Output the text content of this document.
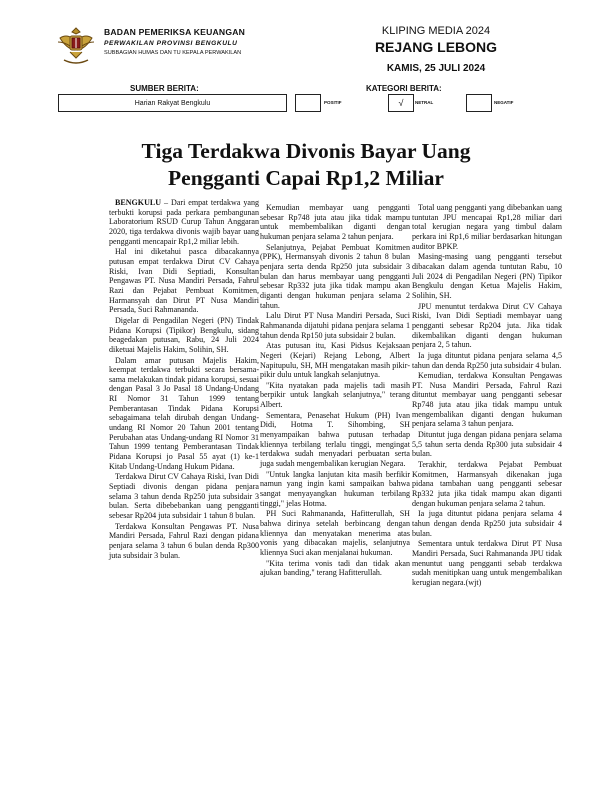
BADAN PEMERIKSA KEUANGAN
PERWAKILAN PROVINSI BENGKULU
SUBBAGIAN HUMAS DAN TU KEPALA PERWAKILAN
KLIPING MEDIA 2024
REJANG LEBONG
KAMIS, 25 JULI 2024
SUMBER BERITA:	KATEGORI BERITA:
Harian Rakyat Bengkulu	POSITIF	√	NETRAL	NEGATIF
Tiga Terdakwa Divonis Bayar Uang
Pengganti Capai Rp1,2 Miliar

BENGKULU – Dari empat terdakwa yang terbukti korupsi pada perkara pembangunan Laboratorium RSUD Curup Tahun Anggaran 2020, tiga terdakwa divonis wajib bayar uang pengganti mencapair Rp1,2 miliar lebih.

Hal ini diketahui pasca dibacakannya putusan empat terdakwa Dirut CV Cahaya Riski, Ivan Didi Septiadi, Konsultan Pengawas PT. Nusa Mandiri Persada, Fahrul Razi dan Pejabat Pembuat Komitmen, Harmansyah dan Dirut PT Nusa Mandiri Persada, Suci Rahmananda.

Digelar di Pengadilan Negeri (PN) Tindak Pidana Korupsi (Tipikor) Bengkulu, sidang beagedakan putusan, Rabu, 24 Juli 2024 diketuai Majelis Hakim, Solihin, SH.

Dalam amar putusan Majelis Hakim, keempat terdakwa terbukti secara bersama-sama melakukan tindak pidana korupsi, sesuai dengan Pasal 3 Jo Pasal 18 Undang-Undang RI Nomor 31 Tahun 1999 tentang Pemberantasan Tindak Pidana Korupsi sebagaimana telah dirubah dengan Undang-undang RI Nomor 20 Tahun 2001 tentang Perubahan atas Undang-undang RI Nomor 31 Tahun 1999 tentang Pemberantasan Tindak Pidana Korupsi jo Pasal 55 ayat (1) ke-1 Kitab Undang-Undang Hukum Pidana.

Terdakwa Dirut CV Cahaya Riski, Ivan Didi Septiadi divonis dengan pidana penjara selama 3 tahun denda Rp250 juta subsidair 3 bulan. Serta dibebebankan uang pengganti sebesar Rp204 juta subsidair 1 tahun 8 bulan.

Terdakwa Konsultan Pengawas PT. Nusa Mandiri Persada, Fahrul Razi dengan pidana penjara selama 3 tahun 6 bulan denda Rp300 juta subsidair 3 bulan.

Kemudian membayar uang pengganti sebesar Rp748 juta atau jika tidak mampu untuk membembalikan diganti dengan hukuman penjara selama 2 tahun penjara.

Selanjutnya, Pejabat Pembuat Komitmen (PPK), Hermansyah divonis 2 tahun 8 bulan penjara serta denda Rp250 juta subsidair 3 bulan dan harus membayar uang pengganti sebesar Rp332 juta jika tidak mampu akan diganti dengan hukuman penjara selama 2 tahun.

Lalu Dirut PT Nusa Mandiri Persada, Suci Rahmananda dijatuhi pidana penjara selama 1 tahun denda Rp150 juta subsidair 2 bulan.

Atas putusan itu, Kasi Pidsus Kejaksaan Negeri (Kejari) Rejang Lebong, Albert Napitupulu, SH, MH mengatakan masih pikir-pikir dulu untuk langkah selanjutnya.

"Kita nyatakan pada majelis tadi masih berpikir untuk langkah selanjutnya," terang Albert.

Sementara, Penasehat Hukum (PH) Ivan Didi, Hotma T. Sihombing, SH menyampaikan bahwa putusan terhadap kliennya terbilang terlalu tinggi, mengingat terdakwa sudah menyadari perbuatan serta juga sudah mengembalikan kerugian Negara.

"Untuk langka lanjutan kita masih berfikir namun yang ingin kami sampaikan bahwa sangat menyayangkan hukuman terbilang tinggi," jelas Hotma.

PH Suci Rahmananda, Hafitterullah, SH bahwa dirinya setelah berbincang dengan kliennya dan menyatakan menerima atas vonis yang dibacakan majelis, selanjutnya kliennya Suci akan menjalanai hukuman.

"Kita terima vonis tadi dan tidak akan ajukan banding," terang Hafitterullah.

Total uang pengganti yang dibebankan uang tuntutan JPU mencapai Rp1,28 miliar dari total kerugian negara yang timbul dalam perkara ini Rp1,6 miliar berdasarkan hitungan auditor BPKP.

Masing-masing uang pengganti tersebut dibacakan dalam agenda tuntutan Rabu, 10 Juli 2024 di Pengadilan Negeri (PN) Tipikor Bengkulu dengan Ketua Majelis Hakim, Solihin, SH.

JPU menuntut terdakwa Dirut CV Cahaya Riski, Ivan Didi Septiadi membayar uang pengganti sebesar Rp204 juta. Jika tidak dikembalikan diganti dengan hukuman penjara 2, 5 tahun.

Ia juga dituntut pidana penjara selama 4,5 tahun dan denda Rp250 juta subsidair 4 bulan.

Kemudian, terdakwa Konsultan Pengawas PT. Nusa Mandiri Persada, Fahrul Razi dituntut membayar uang pengganti sebesar Rp748 juta atau jika tidak mampu untuk mengembalikan diganti dengan hukuman penjara selama 3 tahun penjara.

Dituntut juga dengan pidana penjara selama 5,5 tahun serta denda Rp300 juta subsidair 4 bulan.

Terakhir, terdakwa Pejabat Pembuat Komitmen, Harmansyah dikenakan juga pidana tambahan uang pengganti sebesar Rp332 juta jika tidak mampu akan diganti dengan hukuman penjara selama 2 tahun.

Ia juga dituntut pidana penjara selama 4 tahun dengan denda Rp250 juta subsidair 4 bulan.

Sementara untuk terdakwa Dirut PT Nusa Mandiri Persada, Suci Rahmananda JPU tidak menuntut uang pengganti sebab terdakwa sudah menitipkan uang untuk mengembalikan kerugian negara.(wjt)
